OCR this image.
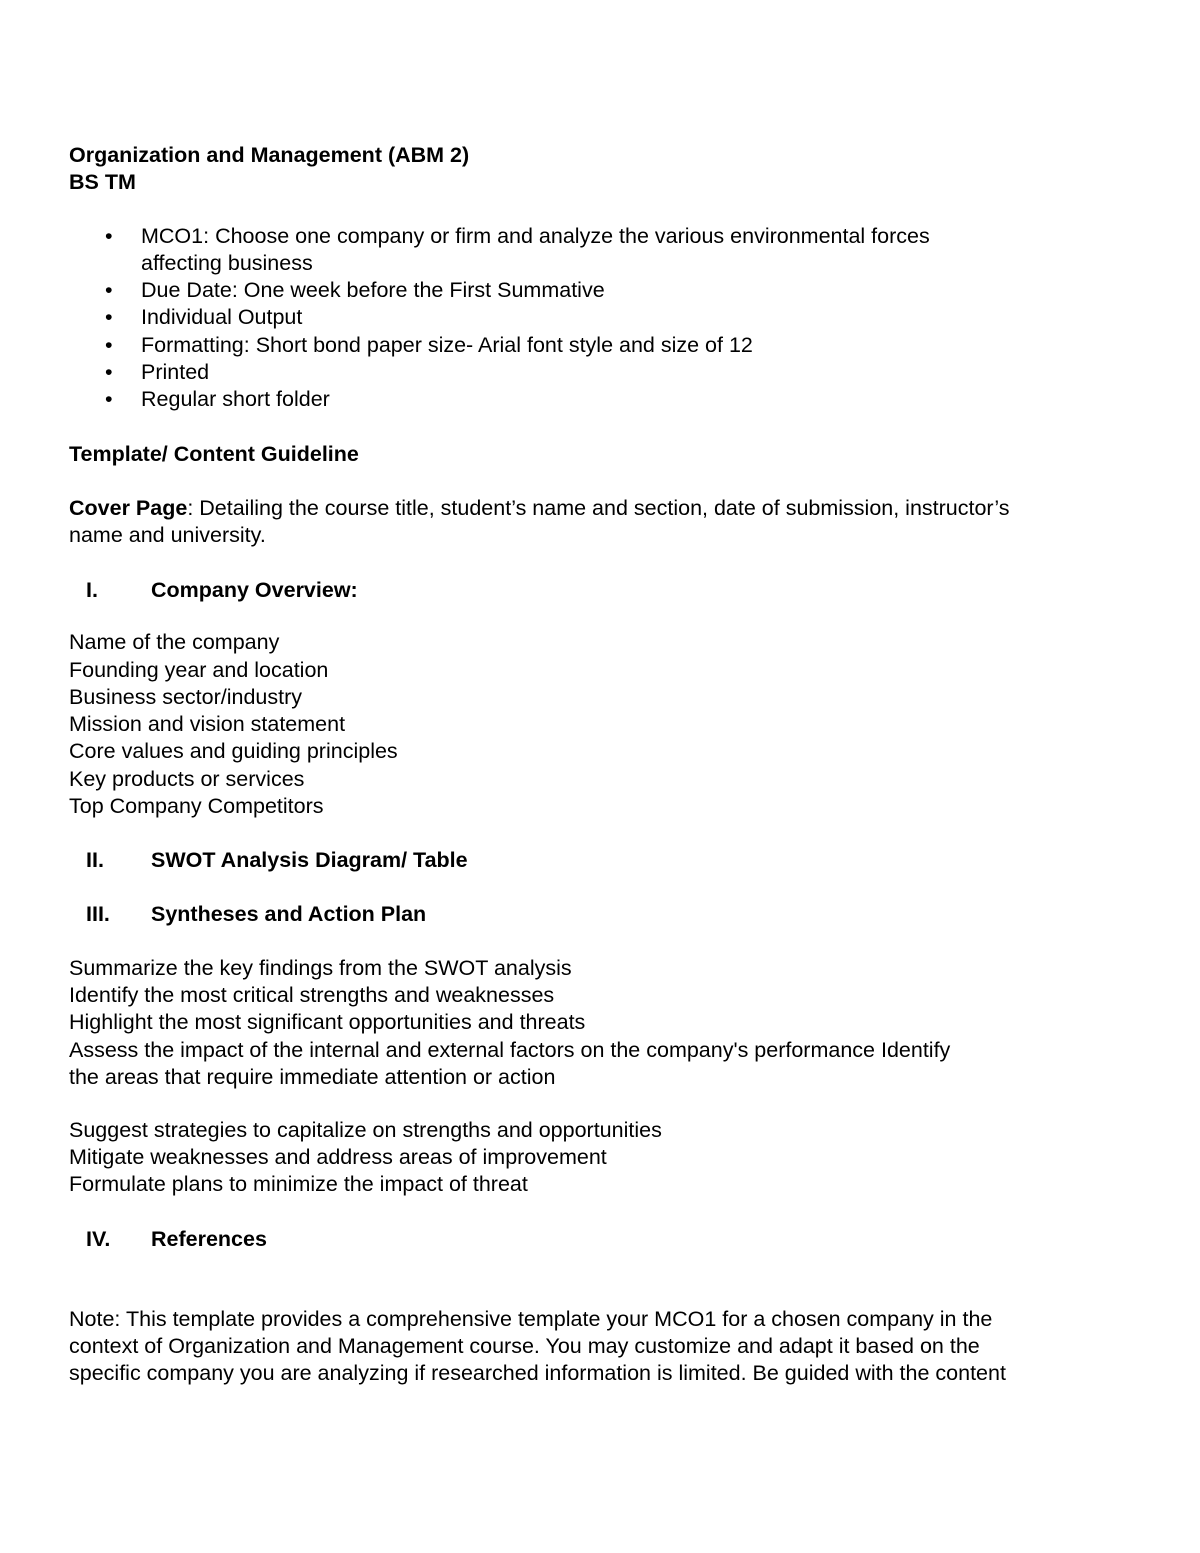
Organization and Management (ABM 2)
BS TM
• MCO1: Choose one company or firm and analyze the various environmental forces
affecting business
• Due Date: One week before the First Summative
• Individual Output
• Formatting: Short bond paper size- Arial font style and size of 12
• Printed
• Regular short folder
Template/ Content Guideline
Cover Page: Detailing the course title, student’s name and section, date of submission, instructor’s
name and university.
I. Company Overview:
Name of the company
Founding year and location
Business sector/industry
Mission and vision statement
Core values and guiding principles
Key products or services
Top Company Competitors
II. SWOT Analysis Diagram/ Table
III. Syntheses and Action Plan
Summarize the key findings from the SWOT analysis
Identify the most critical strengths and weaknesses
Highlight the most significant opportunities and threats
Assess the impact of the internal and external factors on the company's performance Identify
the areas that require immediate attention or action
Suggest strategies to capitalize on strengths and opportunities
Mitigate weaknesses and address areas of improvement
Formulate plans to minimize the impact of threat
IV. References
Note: This template provides a comprehensive template your MCO1 for a chosen company in the
context of Organization and Management course. You may customize and adapt it based on the
specific company you are analyzing if researched information is limited. Be guided with the content
